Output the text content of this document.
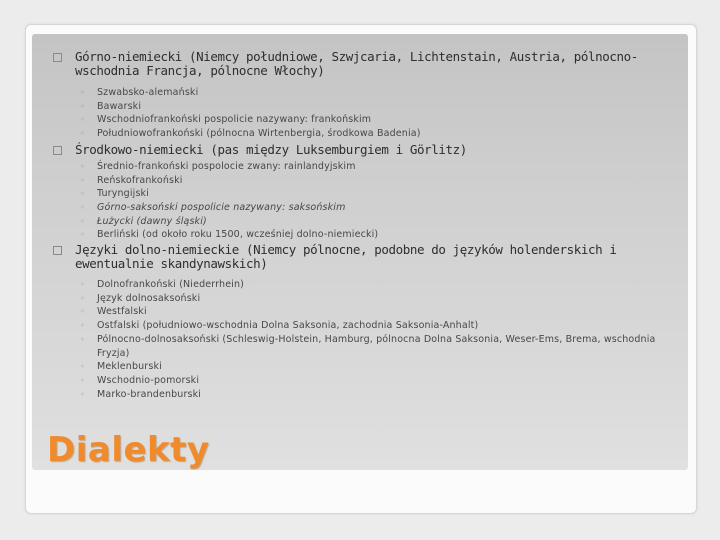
Górno-niemiecki (Niemcy południowe, Szwjcaria, Lichtenstain, Austria, pólnocno-wschodnia Francja, pólnocne Włochy)
◦ Szwabsko-alemański
◦ Bawarski
◦ Wschodniofrankoński pospolicie nazywany: frankońskim
◦ Południowofrankoński (pólnocna Wirtenbergia, środkowa Badenia)
Środkowo-niemiecki (pas między Luksemburgiem i Görlitz)
◦ Średnio-frankoński pospolocie zwany: rainlandyjskim
◦ Reńskofrankoński
◦ Turyngijski
◦ Górno-saksoński pospolicie nazywany: saksońskim
◦ Łużycki (dawny śląski)
◦ Berliński (od około roku 1500, wcześniej dolno-niemiecki)
Języki dolno-niemieckie (Niemcy pólnocne, podobne do języków holenderskich i ewentualnie skandynawskich)
◦ Dolnofrankoński (Niederrhein)
◦ Język dolnosaksoński
◦ Westfalski
◦ Ostfalski (południowo-wschodnia Dolna Saksonia, zachodnia Saksonia-Anhalt)
◦ Pólnocno-dolnosaksoński (Schleswig-Holstein, Hamburg, pólnocna Dolna Saksonia, Weser-Ems, Brema, wschodnia Fryzja)
◦ Meklenburski
◦ Wschodnio-pomorski
◦ Marko-brandenburski
Dialekty
